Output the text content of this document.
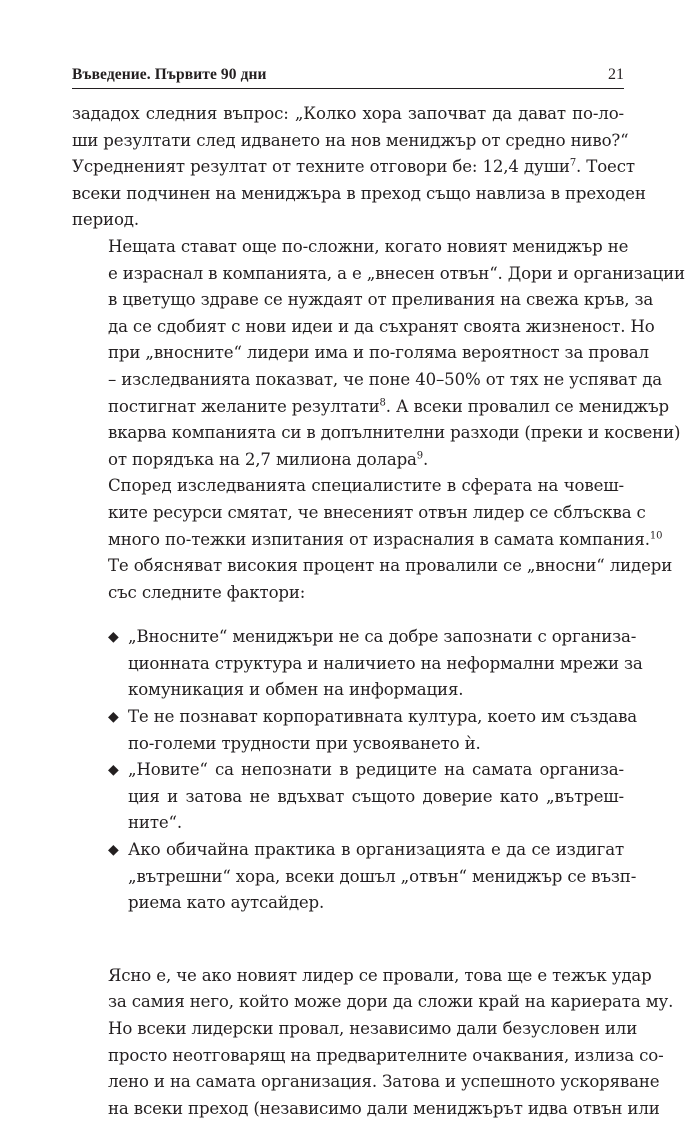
Въведение. Първите 90 дни	21

зададох следния въпрос: „Колко хора започват да дават по-ло-
ши резултати след идването на нов мениджър от средно ниво?“
Усредненият резултат от техните отговори бе: 12,4 души$^7$. Тоест
всеки подчинен на мениджъра в преход също навлиза в преходен
период.

Нещата стават още по-сложни, когато новият мениджър не
е израснал в компанията, а е „внесен отвън“. Дори и организации
в цветущо здраве се нуждаят от преливания на свежа кръв, за
да се сдобият с нови идеи и да съхранят своята жизненост. Но
при „вносните“ лидери има и по-голяма вероятност за провал
– изследванията показват, че поне 40–50% от тях не успяват да
постигнат желаните резултати$^8$. А всеки провалил се мениджър
вкарва компанията си в допълнителни разходи (преки и косвени)
от порядъка на 2,7 милиона долара$^9$.

Според изследванията специалистите в сферата на човеш-
ките ресурси смятат, че внесеният отвън лидер се сблъсква с
много по-тежки изпитания от израсналия в самата компания.$^{10}$
Те обясняват високия процент на провалили се „вносни“ лидери
със следните фактори:

◆ „Вносните“ мениджъри не са добре запознати с организа-
ционната структура и наличието на неформални мрежи за
комуникация и обмен на информация.
◆ Те не познават корпоративната култура, което им създава
по-големи трудности при усвояването ѝ.
◆ „Новите“ са непознати в редиците на самата организа-
ция и затова не вдъхват същото доверие като „вътреш-
ните“.
◆ Ако обичайна практика в организацията е да се издигат
„вътрешни“ хора, всеки дошъл „отвън“ мениджър се възп-
риема като аутсайдер.

Ясно е, че ако новият лидер се провали, това ще е тежък удар
за самия него, който може дори да сложи край на кариерата му.
Но всеки лидерски провал, независимо дали безусловен или
просто неотговарящ на предварителните очаквания, излиза со-
лено и на самата организация. Затова и успешното ускоряване
на всеки преход (независимо дали мениджърът идва отвън или
